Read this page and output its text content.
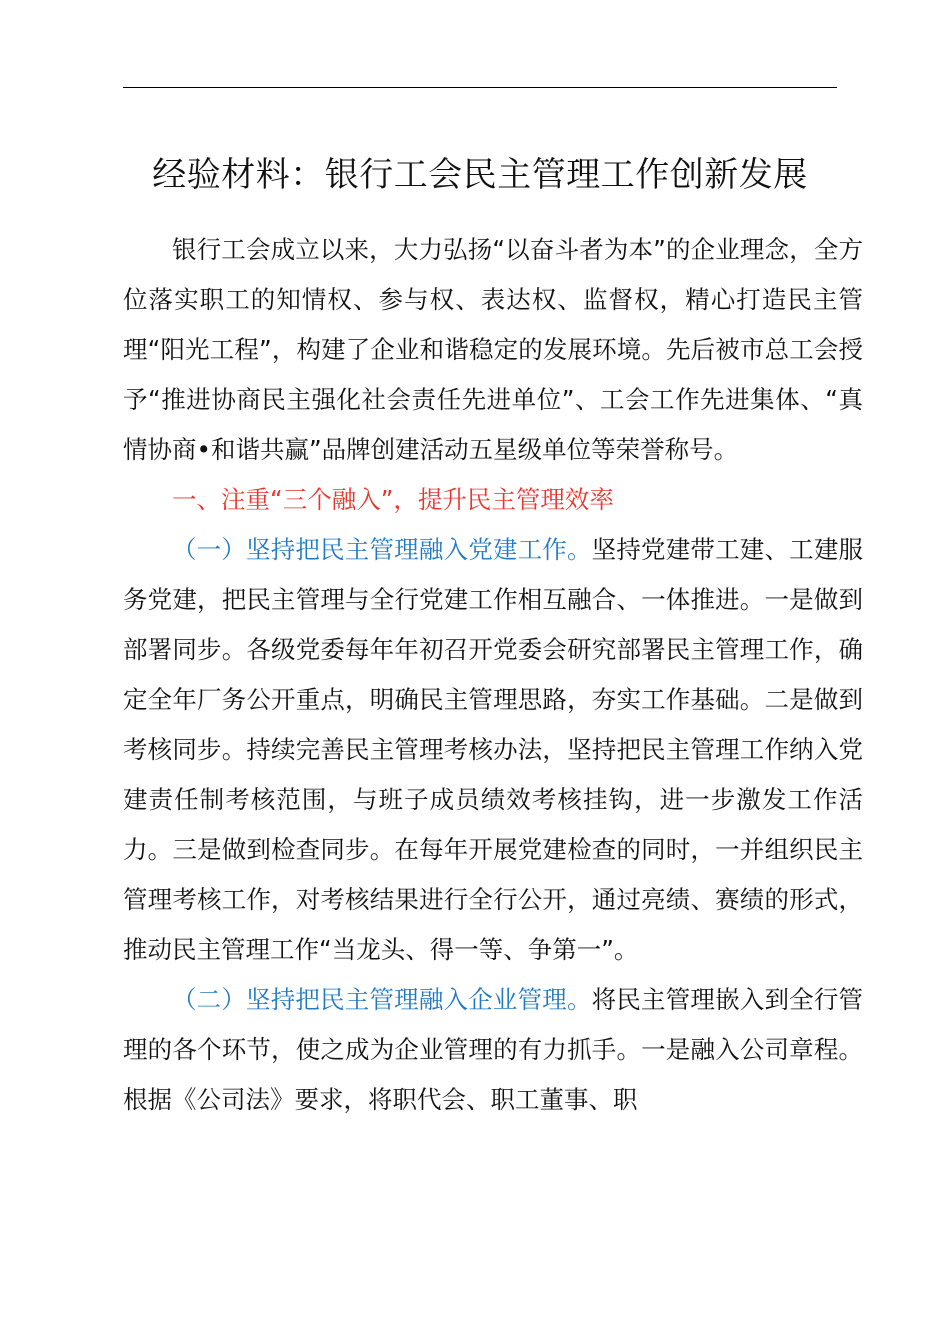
经验材料：银行工会民主管理工作创新发展

银行工会成立以来，大力弘扬“以奋斗者为本”的企业理念，全方位落实职工的知情权、参与权、表达权、监督权，精心打造民主管理“阳光工程”，构建了企业和谐稳定的发展环境。先后被市总工会授予“推进协商民主强化社会责任先进单位”、工会工作先进集体、“真情协商•和谐共赢”品牌创建活动五星级单位等荣誉称号。

一、注重“三个融入”，提升民主管理效率

（一）坚持把民主管理融入党建工作。坚持党建带工建、工建服务党建，把民主管理与全行党建工作相互融合、一体推进。一是做到部署同步。各级党委每年年初召开党委会研究部署民主管理工作，确定全年厂务公开重点，明确民主管理思路，夯实工作基础。二是做到考核同步。持续完善民主管理考核办法，坚持把民主管理工作纳入党建责任制考核范围，与班子成员绩效考核挂钩，进一步激发工作活力。三是做到检查同步。在每年开展党建检查的同时，一并组织民主管理考核工作，对考核结果进行全行公开，通过亮绩、赛绩的形式，推动民主管理工作“当龙头、得一等、争第一”。

（二）坚持把民主管理融入企业管理。将民主管理嵌入到全行管理的各个环节，使之成为企业管理的有力抓手。一是融入公司章程。根据《公司法》要求，将职代会、职工董事、职
